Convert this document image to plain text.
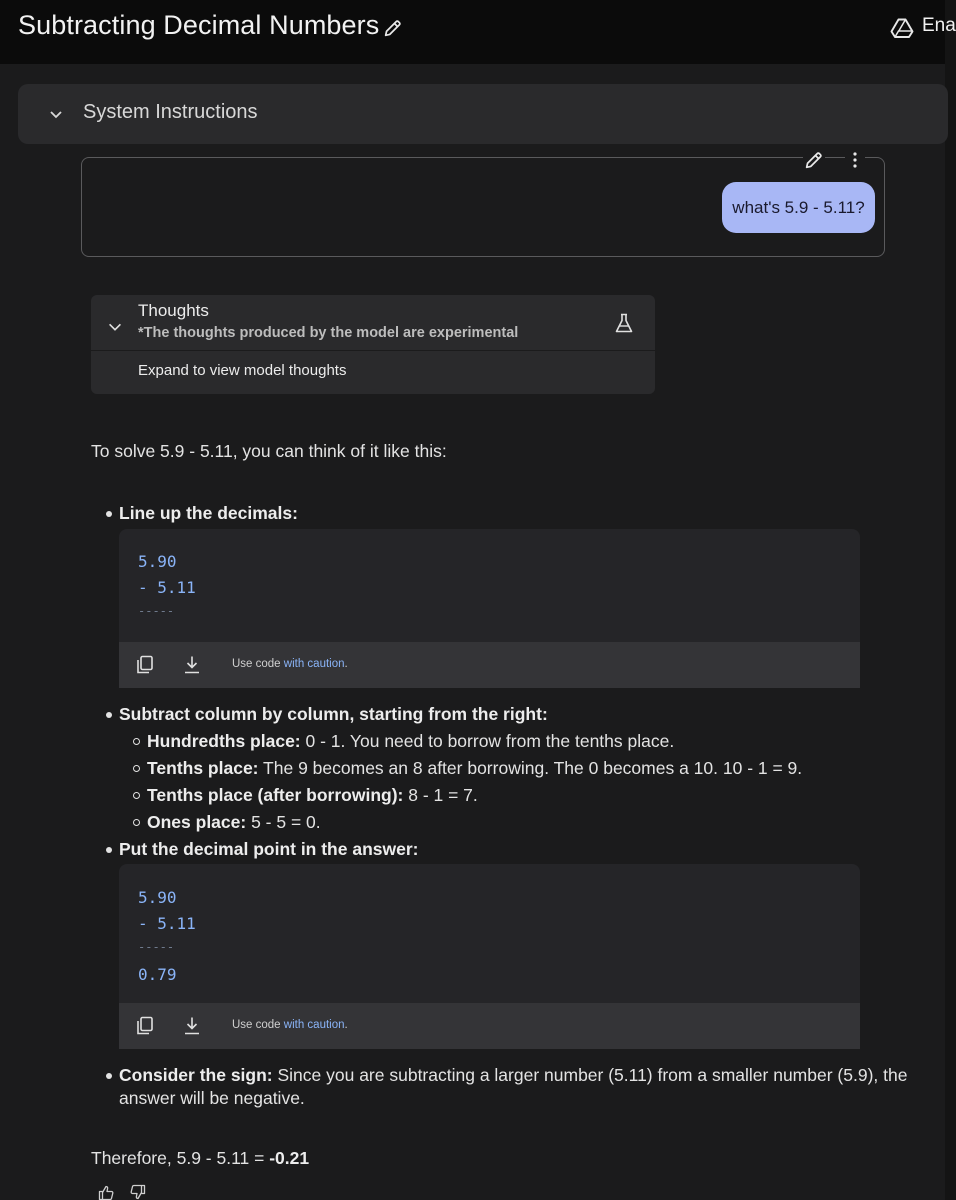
Subtracting Decimal Numbers	Ena
System Instructions
what's 5.9 - 5.11?
Thoughts
*The thoughts produced by the model are experimental
Expand to view model thoughts
To solve 5.9 - 5.11, you can think of it like this:
Line up the decimals:
5.90
- 5.11
-----
Use code with caution.
Subtract column by column, starting from the right:
Hundredths place: 0 - 1. You need to borrow from the tenths place.
Tenths place: The 9 becomes an 8 after borrowing. The 0 becomes a 10. 10 - 1 = 9.
Tenths place (after borrowing): 8 - 1 = 7.
Ones place: 5 - 5 = 0.
Put the decimal point in the answer:
5.90
- 5.11
-----
0.79
Use code with caution.
Consider the sign: Since you are subtracting a larger number (5.11) from a smaller number (5.9), the
answer will be negative.
Therefore, 5.9 - 5.11 = -0.21
